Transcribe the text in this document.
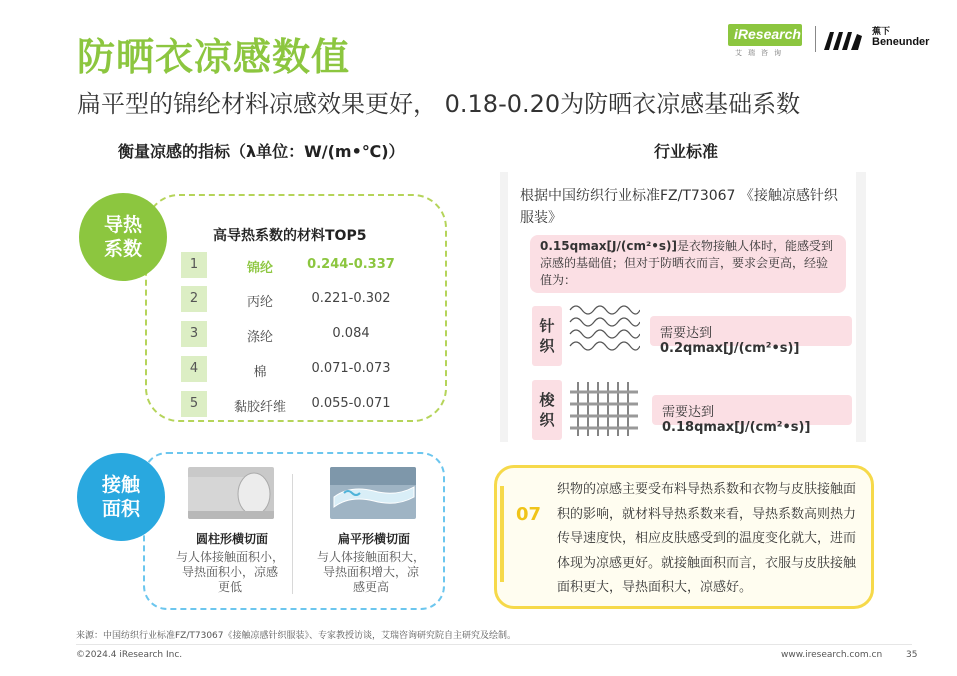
防晒衣凉感数值
扁平型的锦纶材料凉感效果更好， 0.18-0.20为防晒衣凉感基础系数
iResearch
艾瑞咨询
蕉下
Beneunder
衡量凉感的指标（λ单位：W/(m•℃)）	行业标准
导热
系数
高导热系数的材料TOP5
1	锦纶	0.244-0.337
2	丙纶	0.221-0.302
3	涤纶	0.084
4	棉	0.071-0.073
5	黏胶纤维	0.055-0.071
接触
面积
圆柱形横切面
与人体接触面积小，
导热面积小，凉感
更低
扁平形横切面
与人体接触面积大，
导热面积增大，凉
感更高
根据中国纺织行业标准FZ/T73067 《接触凉感针织服装》
0.15qmax[J/(cm²•s)]是衣物接触人体时，能感受到凉感的基础值；但对于防晒衣而言，要求会更高，经验值为：
针
织
需要达到0.2qmax[J/(cm²•s)]
梭
织	需要达到0.18qmax[J/(cm²•s)]
07
织物的凉感主要受布料导热系数和衣物与皮肤接触面积的影响，就材料导热系数来看，导热系数高则热力传导速度快，相应皮肤感受到的温度变化就大，进而体现为凉感更好。就接触面积而言，衣服与皮肤接触面积更大，导热面积大，凉感好。
来源：中国纺织行业标准FZ/T73067《接触凉感针织服装》、专家教授访谈，艾瑞咨询研究院自主研究及绘制。
©2024.4 iResearch Inc.	www.iresearch.com.cn	35
